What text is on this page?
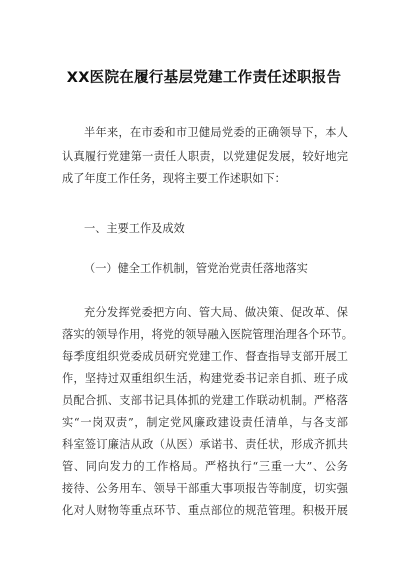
XX医院在履行基层党建工作责任述职报告
半年来，在市委和市卫健局党委的正确领导下，本人
认真履行党建第一责任人职责，以党建促发展，较好地完
成了年度工作任务，现将主要工作述职如下：
一、主要工作及成效
（一）健全工作机制，管党治党责任落地落实
充分发挥党委把方向、管大局、做决策、促改革、保
落实的领导作用，将党的领导融入医院管理治理各个环节。
每季度组织党委成员研究党建工作、督查指导支部开展工
作，坚持过双重组织生活，构建党委书记亲自抓、班子成
员配合抓、支部书记具体抓的党建工作联动机制。严格落
实“一岗双责”，制定党风廉政建设责任清单，与各支部
科室签订廉洁从政（从医）承诺书、责任状，形成齐抓共
管、同向发力的工作格局。严格执行“三重一大”、公务
接待、公务用车、领导干部重大事项报告等制度，切实强
化对人财物等重点环节、重点部位的规范管理。积极开展
